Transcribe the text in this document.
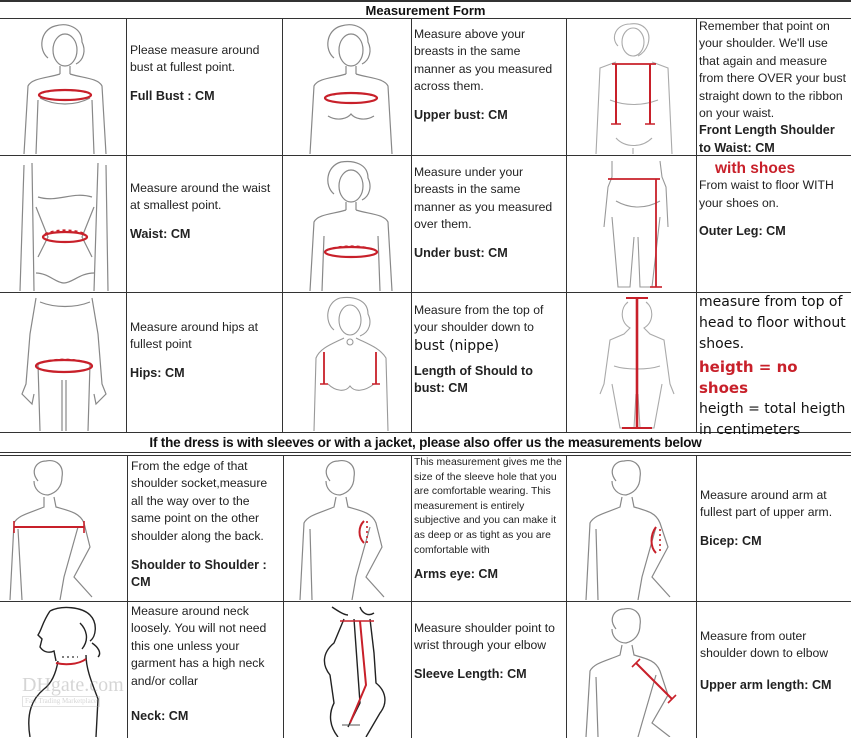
Measurement Form
If the dress is with sleeves or with a jacket, please also offer us the measurements below
Please measure around bust at fullest point.
Full Bust : CM
Measure above your breasts in the same manner as you measured across them.
Upper bust: CM
Remember that point on your shoulder. We'll use that again and measure from there OVER your bust straight down to the ribbon on your waist.
Front Length Shoulder to Waist: CM
Measure around the waist at smallest point.
Waist: CM
Measure under your breasts in the same manner as you measured over them.
Under bust: CM
with shoes
From waist to floor WITH your shoes on.
Outer Leg: CM
Measure around hips at fullest point
Hips: CM
Measure from the top of your shoulder down to
bust (nippe)
Length of Should to bust: CM
measure from top of head to floor without shoes.
heigth = no shoes
heigth = total heigth in centimeters
From the edge of that shoulder socket,measure all the way over to the same point on the other shoulder along the back.
Shoulder to Shoulder : CM
This measurement gives me the size of the sleeve hole that you are comfortable wearing. This measurement is entirely subjective and you can make it as deep or as tight as you are comfortable with
Arms eye: CM
Measure around arm at fullest part of upper arm.
Bicep: CM
DHgate.com
Fast Trading Marketplace
Measure around neck loosely. You will not need this one unless your garment has a high neck and/or collar
Neck: CM
Measure shoulder point to wrist through your elbow
Sleeve Length: CM
Measure from outer shoulder down to elbow
Upper arm length: CM
